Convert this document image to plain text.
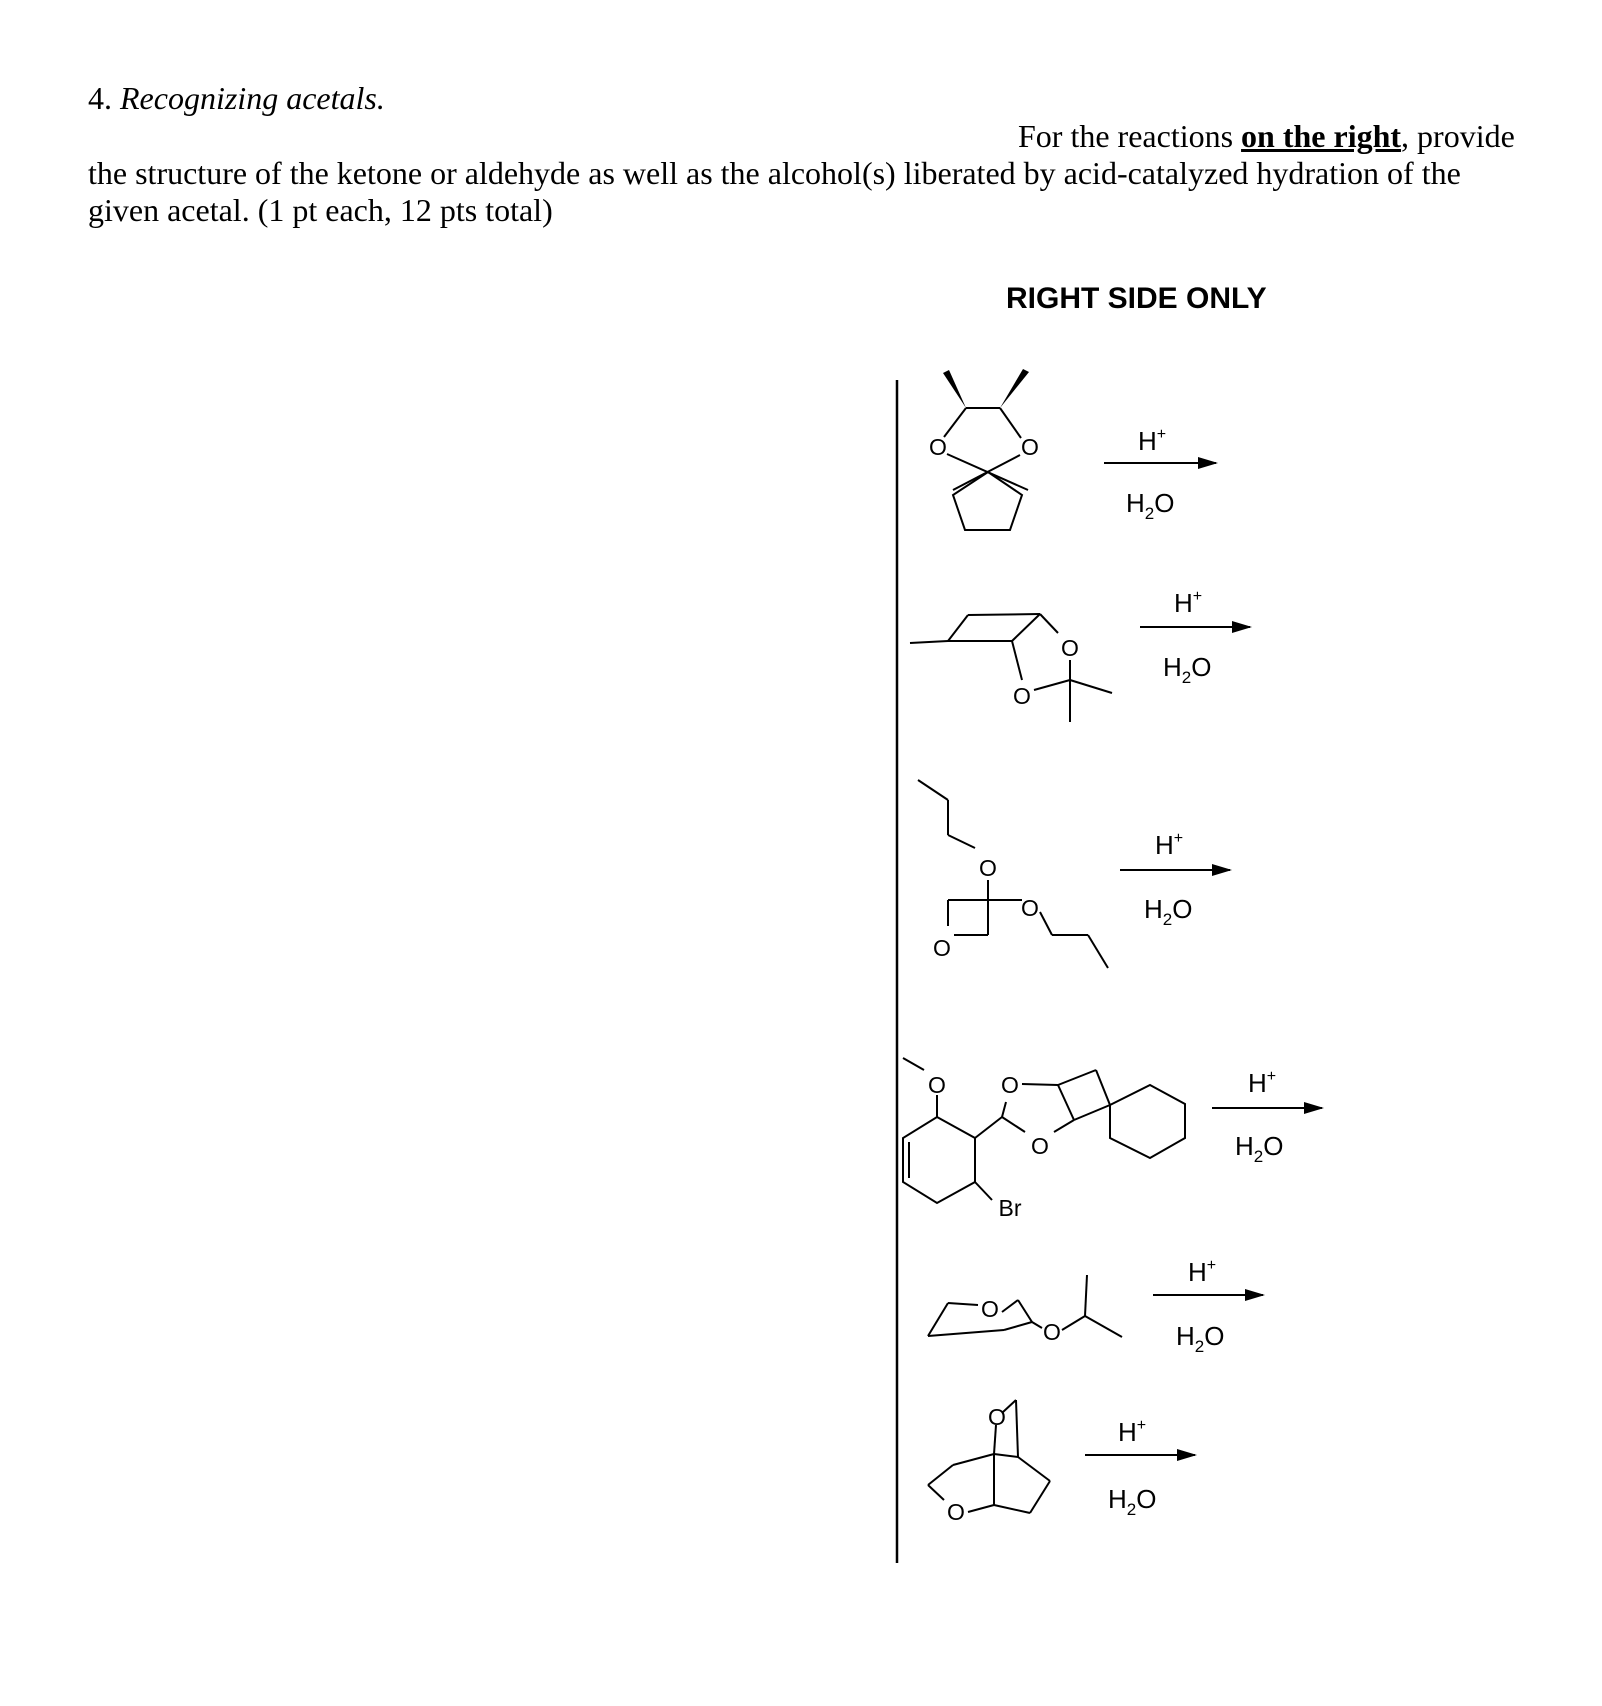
4. Recognizing acetals.
For the reactions on the right, provide
the structure of the ketone or aldehyde as well as the alcohol(s) liberated by acid-catalyzed hydration of the
given acetal. (1 pt each, 12 pts total)
RIGHT SIDE ONLY
O	O
O
O
O
O
O
O O
O
Br
O
O
O
O
H+
$H_2O$
H+
$H_2O$
H+
$H_2O$
H+
$H_2O$
H+
$H_2O$
H+
$H_2O$
